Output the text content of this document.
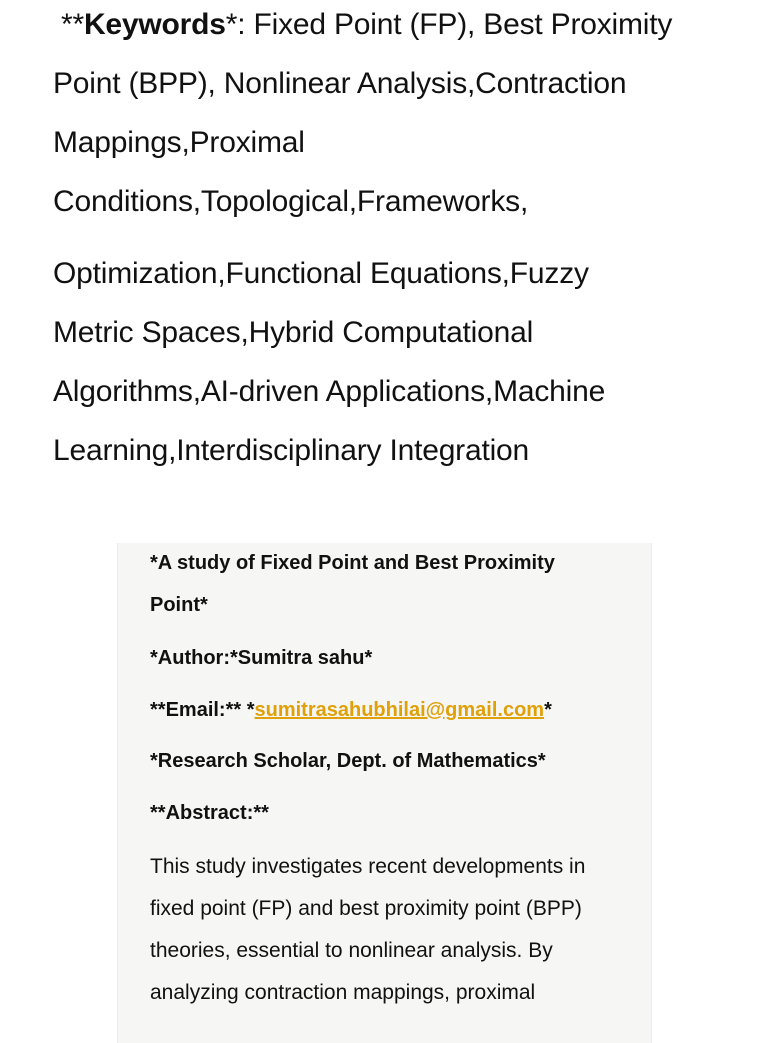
**Keywords*: Fixed Point (FP), Best Proximity
Point (BPP), Nonlinear Analysis,Contraction
Mappings,Proximal
Conditions,Topological,Frameworks,
Optimization,Functional Equations,Fuzzy
Metric Spaces,Hybrid Computational
Algorithms,AI-driven Applications,Machine
Learning,Interdisciplinary Integration
*A study of Fixed Point and Best Proximity
Point*
*Author:*Sumitra sahu*
**Email:** *sumitrasahubhilai@gmail.com*
*Research Scholar, Dept. of Mathematics*
**Abstract:**
This study investigates recent developments in
fixed point (FP) and best proximity point (BPP)
theories, essential to nonlinear analysis. By
analyzing contraction mappings, proximal
